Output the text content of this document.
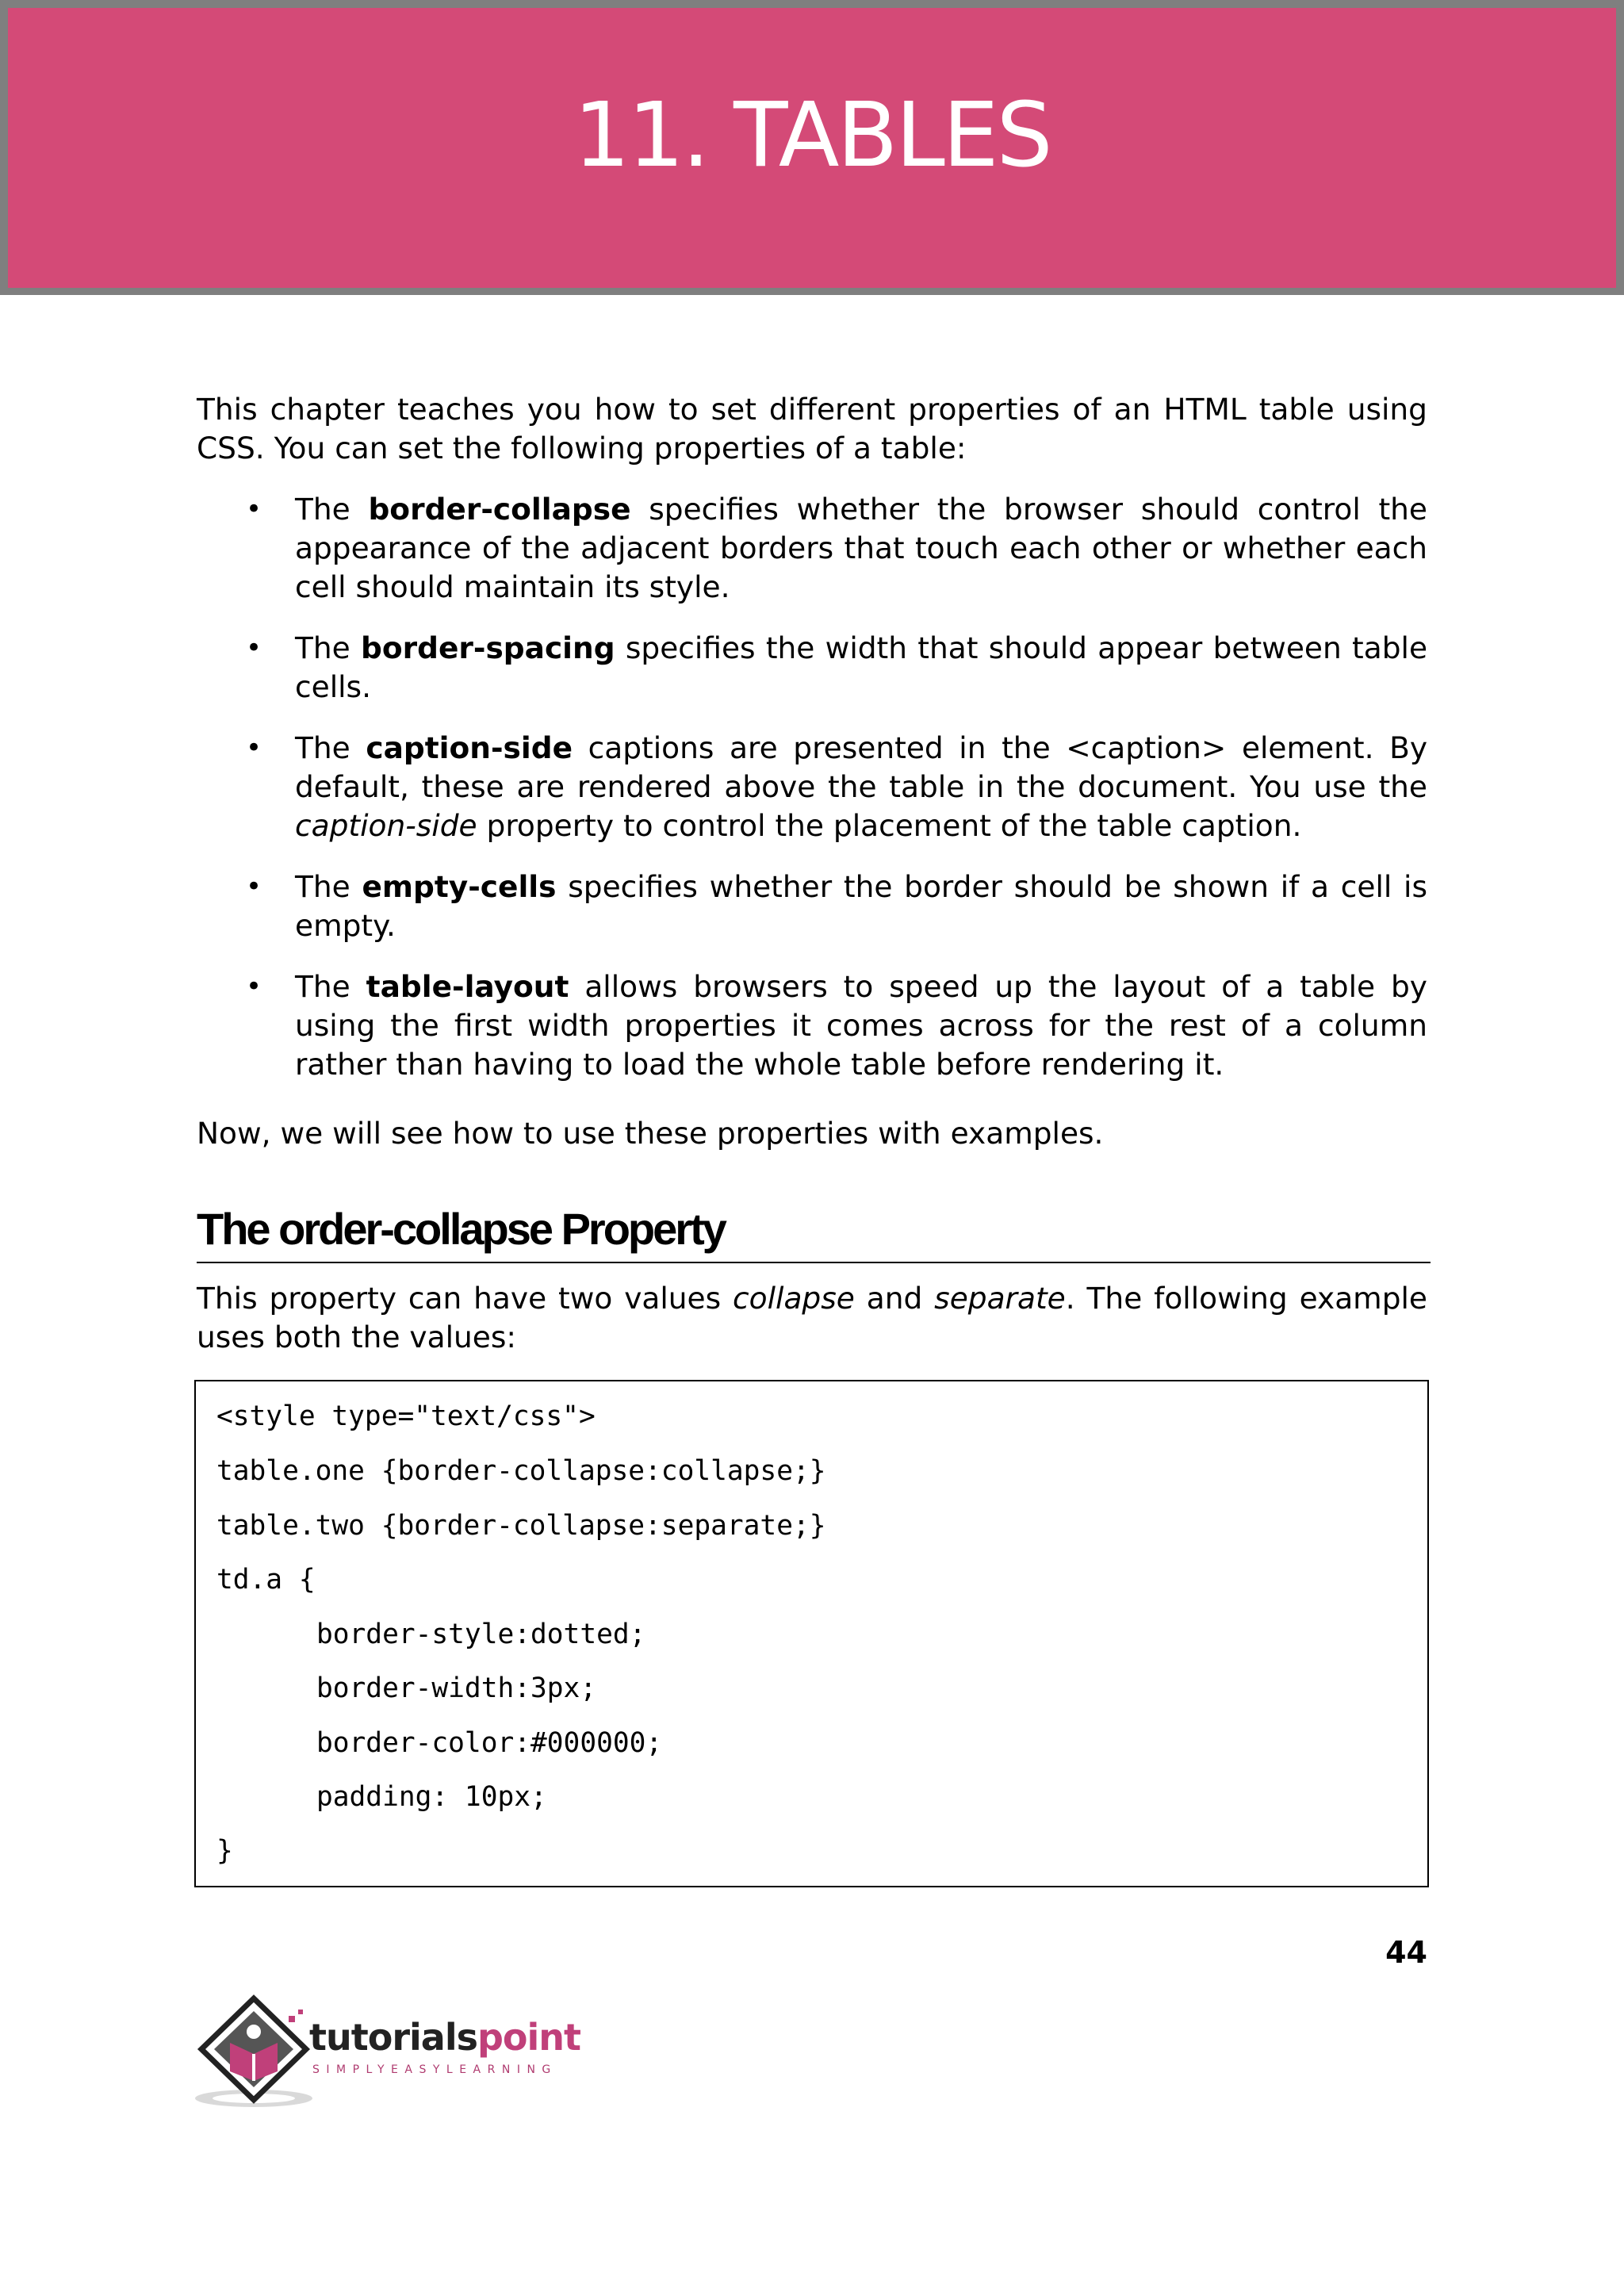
11. TABLES

This chapter teaches you how to set different properties of an HTML table using CSS. You can set the following properties of a table:

• The border-collapse specifies whether the browser should control the appearance of the adjacent borders that touch each other or whether each cell should maintain its style.
• The border-spacing specifies the width that should appear between table cells.
• The caption-side captions are presented in the <caption> element. By default, these are rendered above the table in the document. You use the caption-side property to control the placement of the table caption.
• The empty-cells specifies whether the border should be shown if a cell is empty.
• The table-layout allows browsers to speed up the layout of a table by using the first width properties it comes across for the rest of a column rather than having to load the whole table before rendering it.

Now, we will see how to use these properties with examples.

The order-collapse Property

This property can have two values collapse and separate. The following example uses both the values:

<style type="text/css">
table.one {border-collapse:collapse;}
table.two {border-collapse:separate;}
td.a {
border-style:dotted;
border-width:3px;
border-color:#000000;
padding: 10px;
}
44
tutorialspoint
SIMPLYEASYLEARNING
